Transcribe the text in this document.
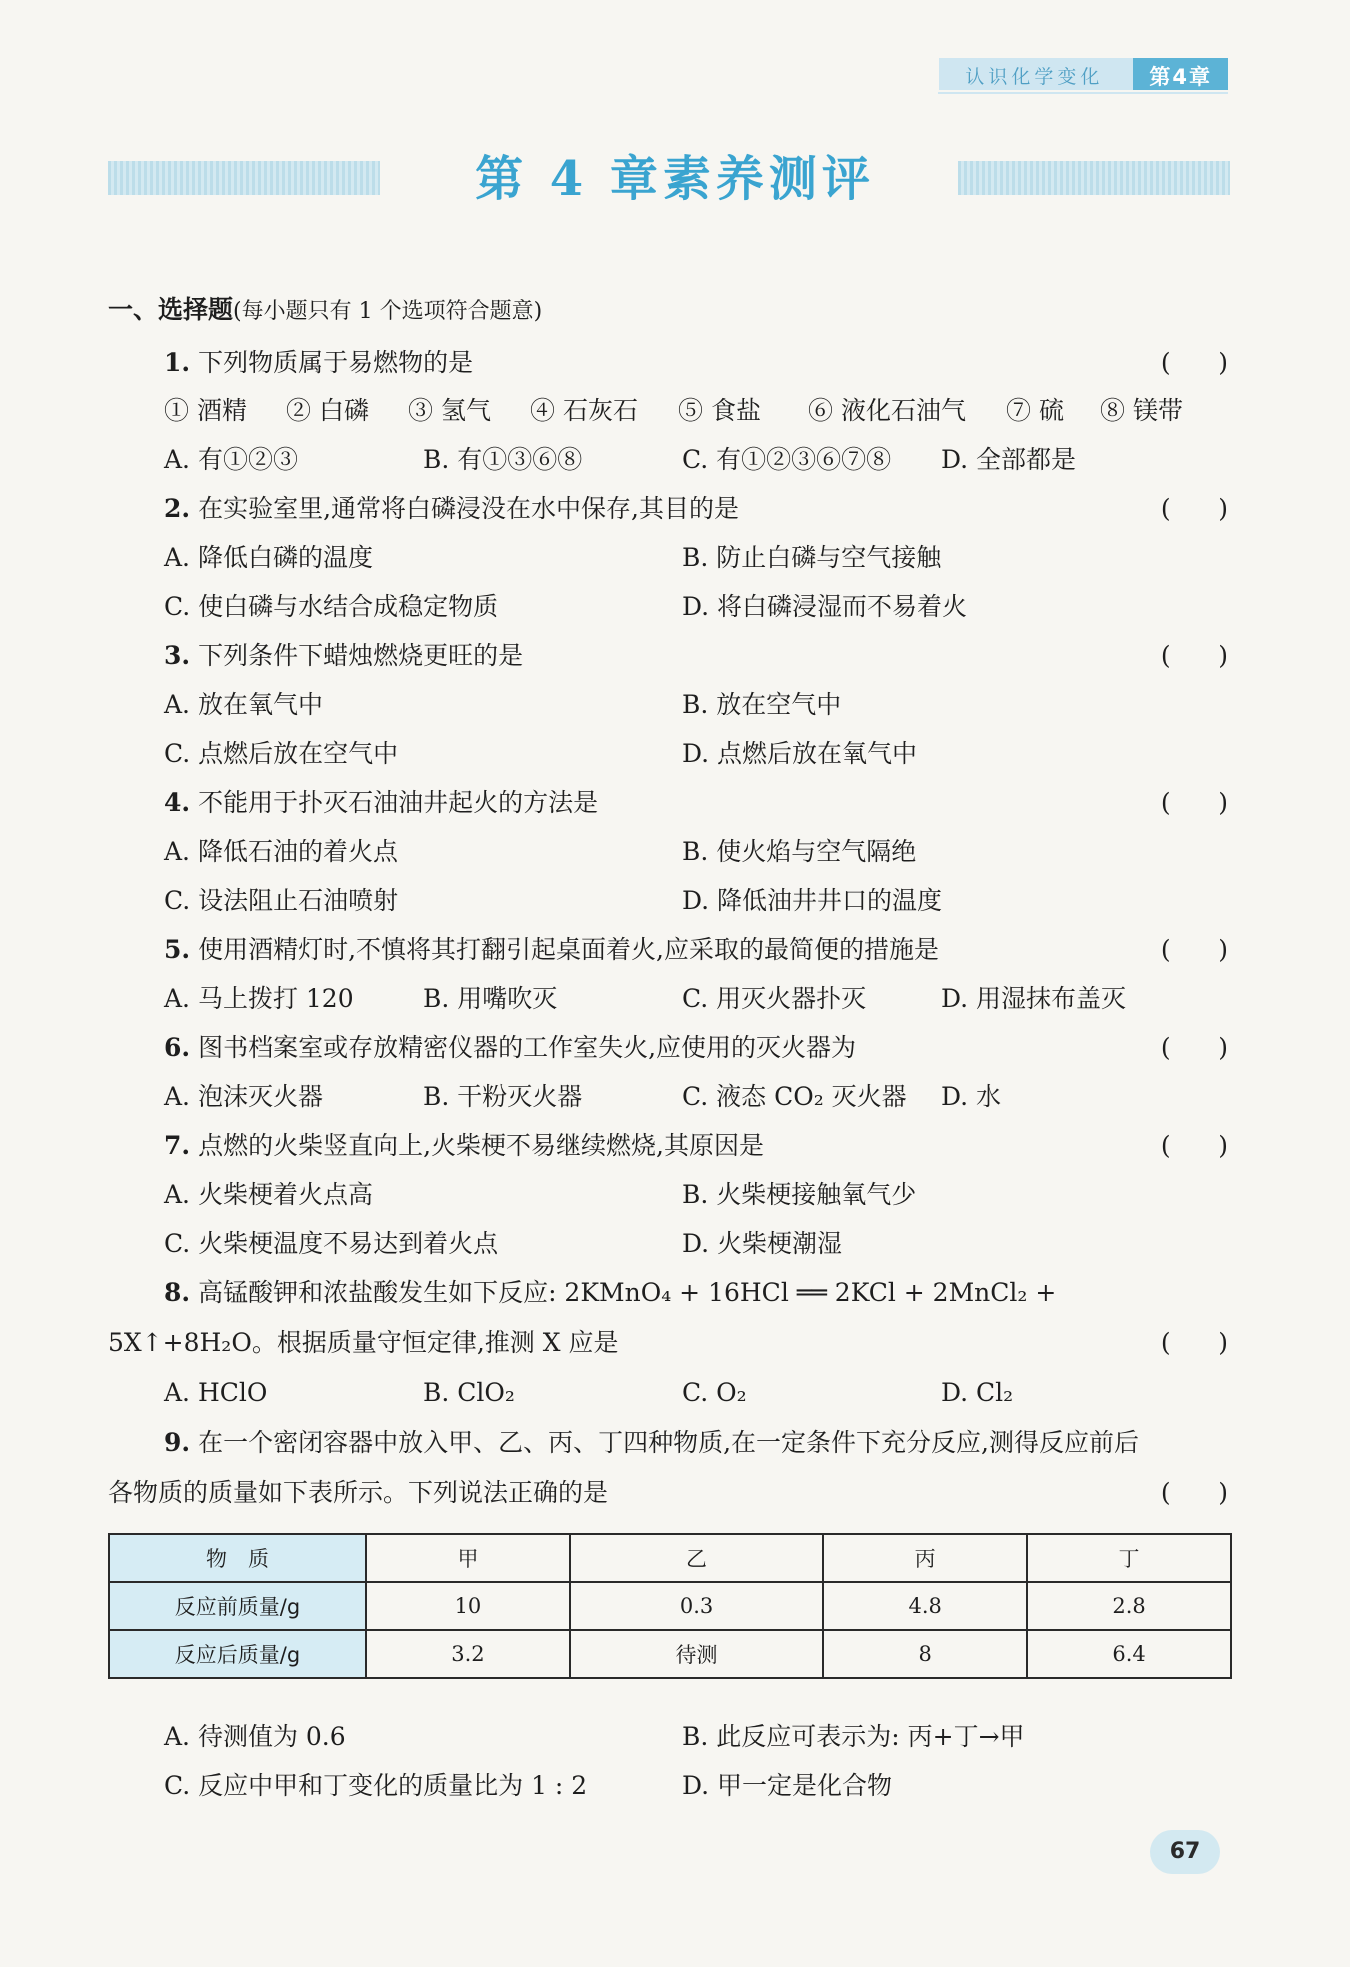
认识化学变化	第4章
第 4 章素养测评
一、选择题(每小题只有 1 个选项符合题意)
1. 下列物质属于易燃物的是	(      )
① 酒精 ② 白磷 ③ 氢气 ④ 石灰石 ⑤ 食盐 ⑥ 液化石油气 ⑦ 硫 ⑧ 镁带
A. 有①②③	B. 有①③⑥⑧	C. 有①②③⑥⑦⑧ D. 全部都是
2. 在实验室里,通常将白磷浸没在水中保存,其目的是	(      )
A. 降低白磷的温度	B. 防止白磷与空气接触
C. 使白磷与水结合成稳定物质	D. 将白磷浸湿而不易着火
3. 下列条件下蜡烛燃烧更旺的是	(      )
A. 放在氧气中	B. 放在空气中
C. 点燃后放在空气中	D. 点燃后放在氧气中
4. 不能用于扑灭石油油井起火的方法是	(      )
A. 降低石油的着火点	B. 使火焰与空气隔绝
C. 设法阻止石油喷射	D. 降低油井井口的温度
5. 使用酒精灯时,不慎将其打翻引起桌面着火,应采取的最简便的措施是	(      )
A. 马上拨打 120	B. 用嘴吹灭	C. 用灭火器扑灭	D. 用湿抹布盖灭
6. 图书档案室或存放精密仪器的工作室失火,应使用的灭火器为	(      )
A. 泡沫灭火器	B. 干粉灭火器	C. 液态 CO₂ 灭火器 D. 水
7. 点燃的火柴竖直向上,火柴梗不易继续燃烧,其原因是	(      )
A. 火柴梗着火点高	B. 火柴梗接触氧气少
C. 火柴梗温度不易达到着火点	D. 火柴梗潮湿
8. 高锰酸钾和浓盐酸发生如下反应: 2KMnO₄ + 16HCl ══ 2KCl + 2MnCl₂ +
5X↑+8H₂O。根据质量守恒定律,推测 X 应是	(      )
A. HClO	B. ClO₂	C. O₂	D. Cl₂
9. 在一个密闭容器中放入甲、乙、丙、丁四种物质,在一定条件下充分反应,测得反应前后
各物质的质量如下表所示。下列说法正确的是	(      )
物　质	甲	乙	丙	丁
反应前质量/g	10	0.3	4.8	2.8
反应后质量/g	3.2	待测	8	6.4
A. 待测值为 0.6	B. 此反应可表示为: 丙+丁→甲
C. 反应中甲和丁变化的质量比为 1 : 2	D. 甲一定是化合物
67
